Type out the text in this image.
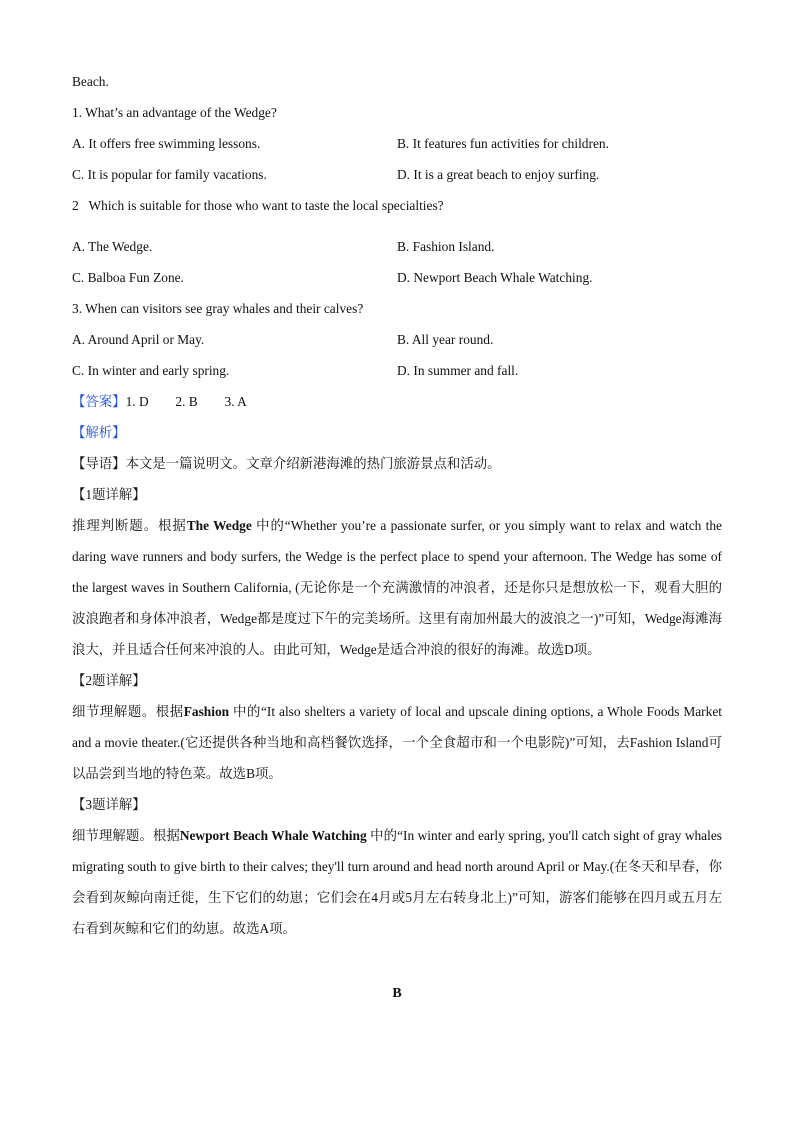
Beach.
1. What’s an advantage of the Wedge?
A. It offers free swimming lessons.	B. It features fun activities for children.
C. It is popular for family vacations.	D. It is a great beach to enjoy surfing.
2   Which is suitable for those who want to taste the local specialties?
A. The Wedge.	B. Fashion Island.
C. Balboa Fun Zone.	D. Newport Beach Whale Watching.
3. When can visitors see gray whales and their calves?
A. Around April or May.	B. All year round.
C. In winter and early spring.	D. In summer and fall.
【答案】1. D        2. B        3. A
【解析】
【导语】本文是一篇说明文。文章介绍新港海滩的热门旅游景点和活动。
【1题详解】
推理判断题。根据The Wedge 中的“Whether you’re a passionate surfer, or you simply want to relax and watch the daring wave runners and body surfers, the Wedge is the perfect place to spend your afternoon. The Wedge has some of the largest waves in Southern California, (无论你是一个充满激情的冲浪者，还是你只是想放松一下，观看大胆的波浪跑者和身体冲浪者，Wedge都是度过下午的完美场所。这里有南加州最大的波浪之一)”可知，Wedge海滩海浪大，并且适合任何来冲浪的人。由此可知，Wedge是适合冲浪的很好的海滩。故选D项。
【2题详解】
细节理解题。根据Fashion 中的“It also shelters a variety of local and upscale dining options, a Whole Foods Market and a movie theater.(它还提供各种当地和高档餐饮选择，一个全食超市和一个电影院)”可知，去Fashion Island可以品尝到当地的特色菜。故选B项。
【3题详解】
细节理解题。根据Newport Beach Whale Watching 中的“In winter and early spring, you'll catch sight of gray whales migrating south to give birth to their calves; they'll turn around and head north around April or May.(在冬天和早春，你会看到灰鲸向南迁徙，生下它们的幼崽；它们会在4月或5月左右转身北上)”可知，游客们能够在四月或五月左右看到灰鲸和它们的幼崽。故选A项。
B
